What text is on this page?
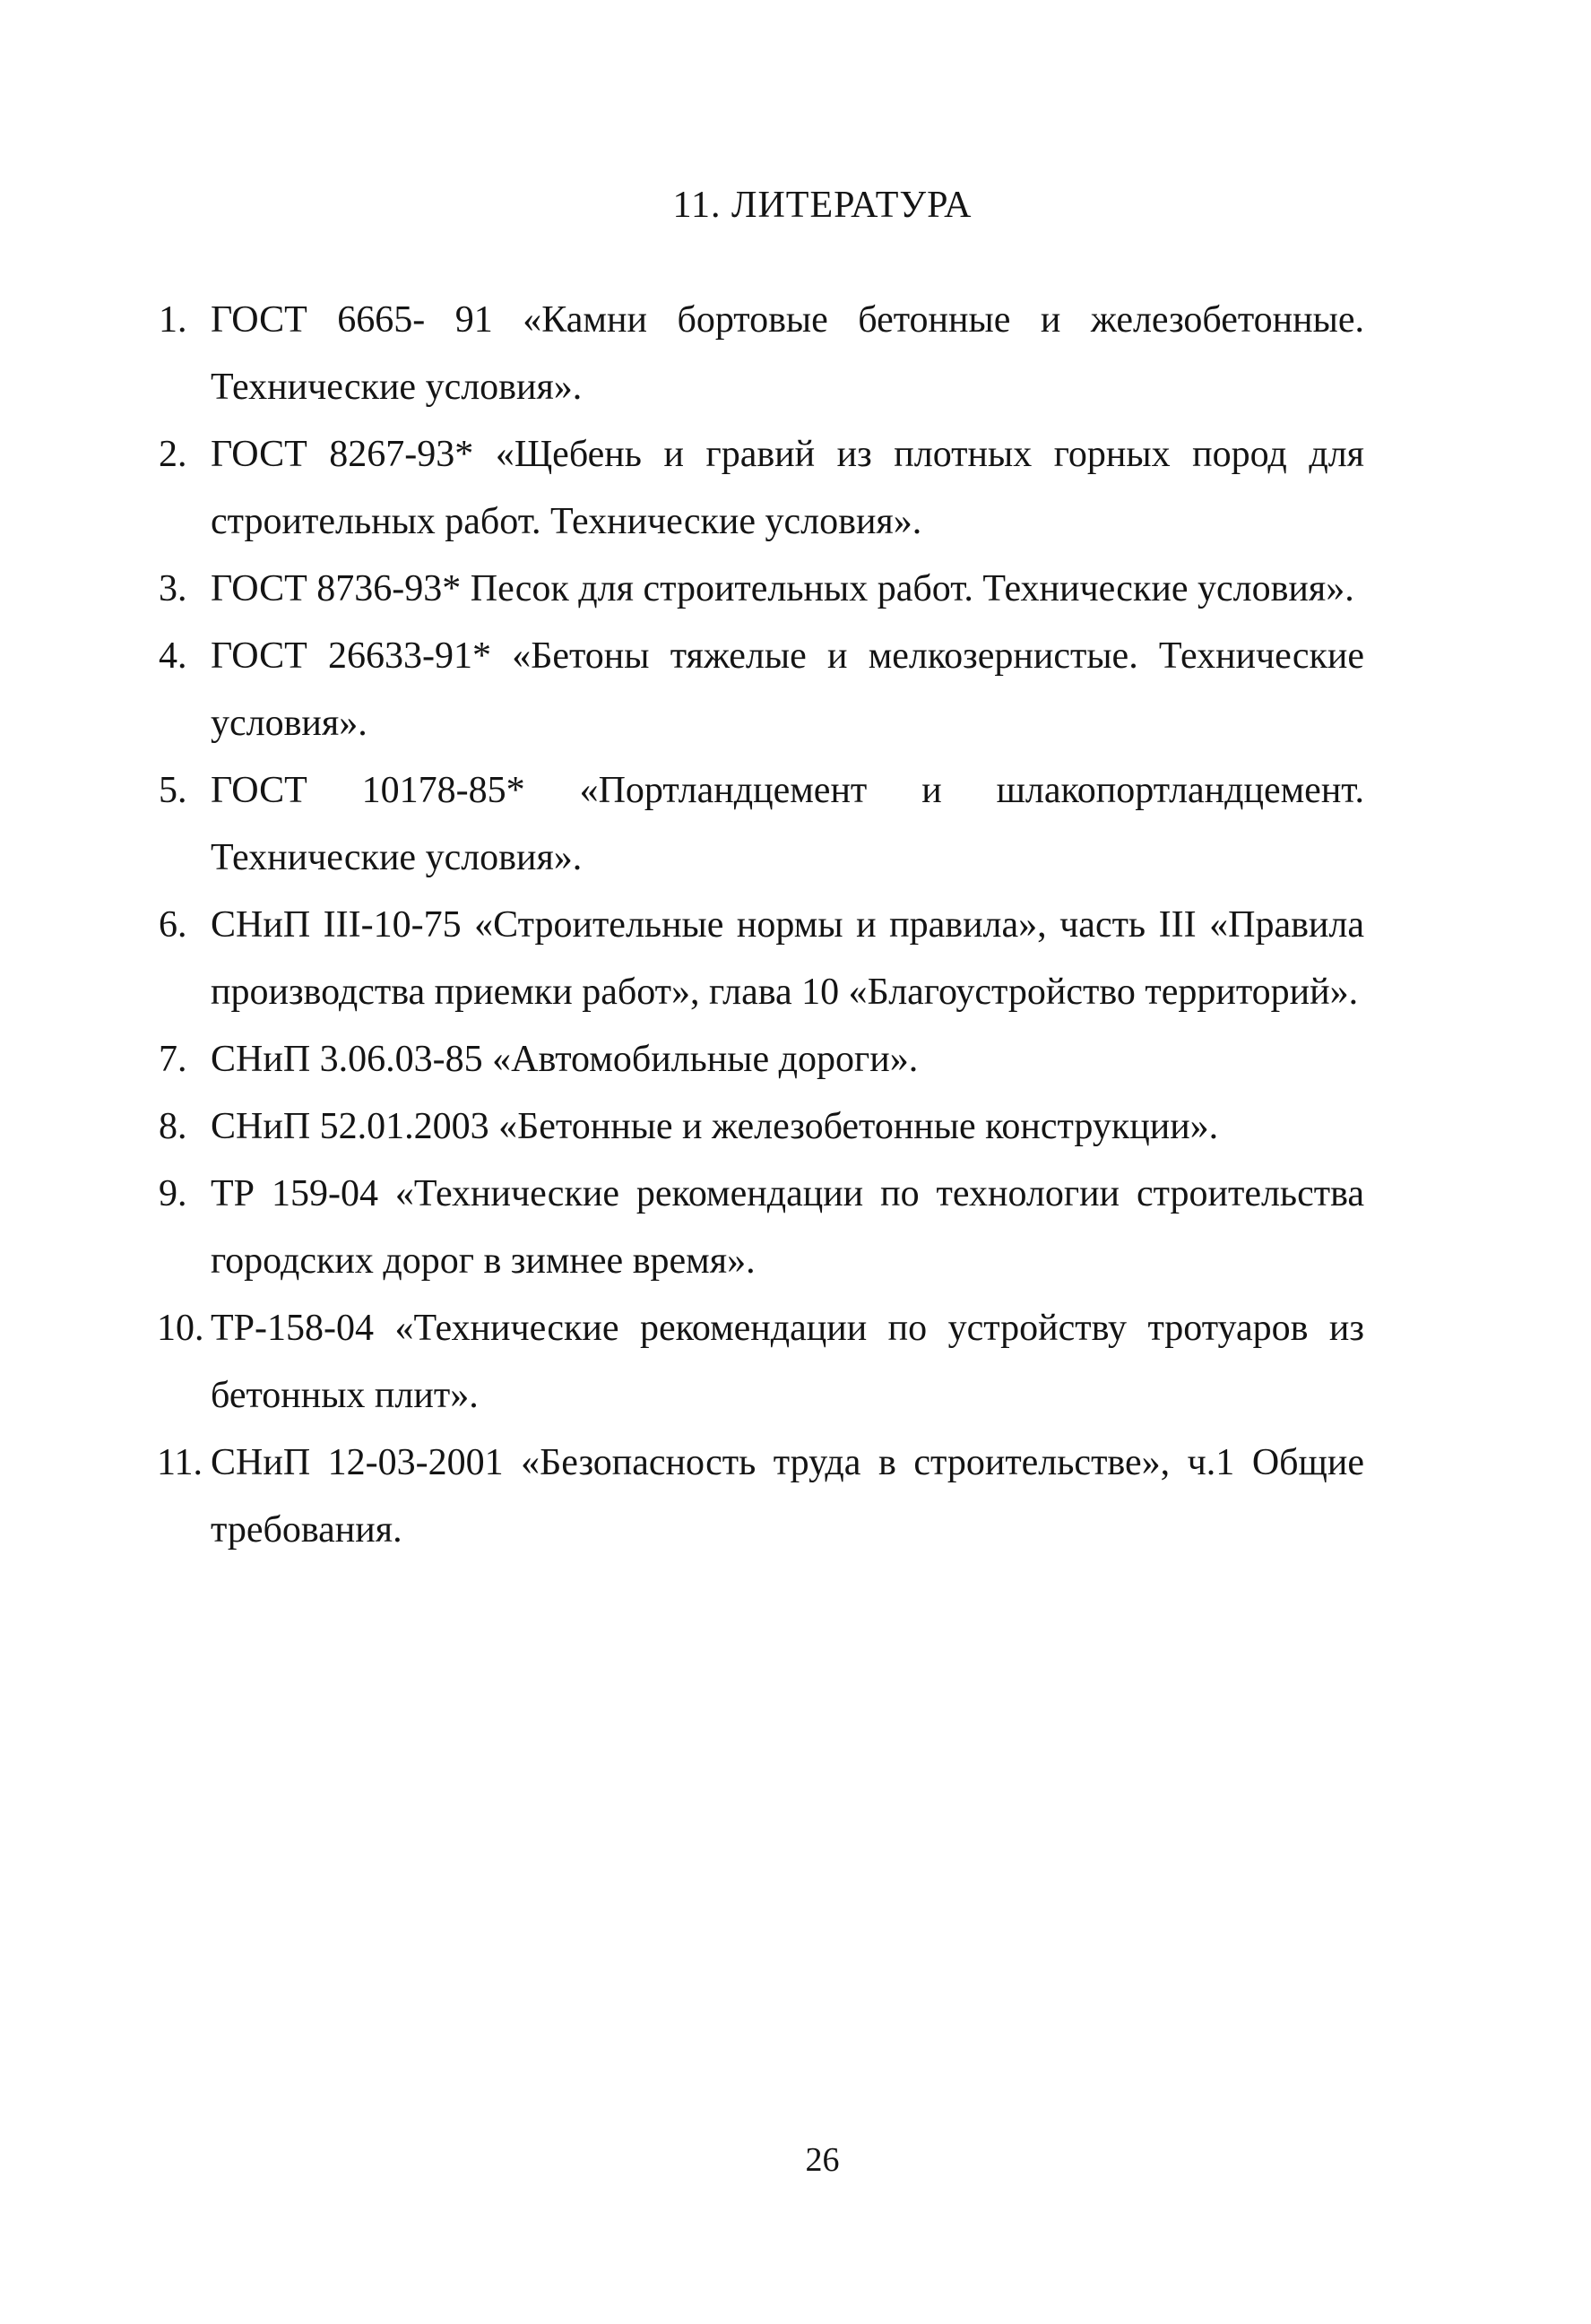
11. ЛИТЕРАТУРА
1. ГОСТ 6665- 91 «Камни бортовые бетонные и железобетонные. Технические условия».
2. ГОСТ 8267-93* «Щебень и гравий из плотных горных пород для строительных работ. Технические условия».
3. ГОСТ 8736-93* Песок для строительных работ. Технические условия».
4. ГОСТ 26633-91* «Бетоны тяжелые и мелкозернистые. Технические условия».
5. ГОСТ 10178-85* «Портландцемент и шлакопортландцемент. Технические условия».
6. СНиП III-10-75 «Строительные нормы и правила», часть III «Правила производства приемки работ», глава 10 «Благоустройство территорий».
7. СНиП 3.06.03-85 «Автомобильные дороги».
8. СНиП 52.01.2003 «Бетонные и железобетонные конструкции».
9. ТР 159-04 «Технические рекомендации по технологии строительства городских дорог в зимнее время».
10. ТР-158-04 «Технические рекомендации по устройству тротуаров из бетонных плит».
11. СНиП 12-03-2001 «Безопасность труда в строительстве», ч.1 Общие требования.
26
